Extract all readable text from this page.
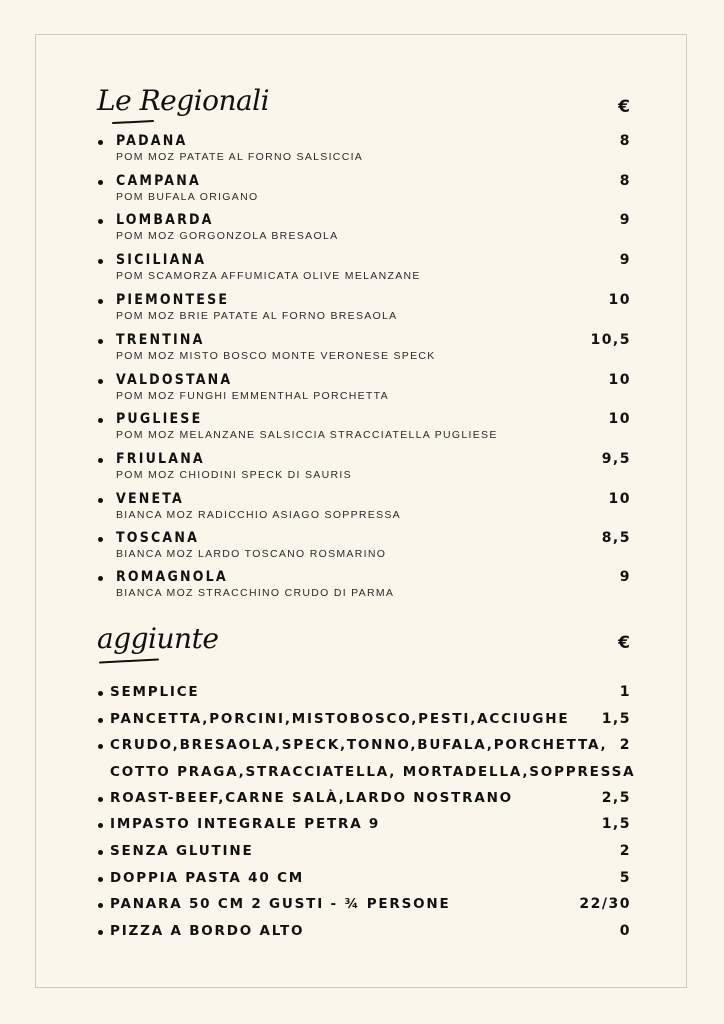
Le Regionali	€
PADANA
POM MOZ PATATE AL FORNO SALSICCIA
8
CAMPANA
POM BUFALA ORIGANO
8
LOMBARDA
POM MOZ GORGONZOLA BRESAOLA
9
SICILIANA
POM SCAMORZA AFFUMICATA OLIVE MELANZANE
9
PIEMONTESE
POM MOZ BRIE PATATE AL FORNO BRESAOLA
10
TRENTINA
POM MOZ MISTO BOSCO MONTE VERONESE SPECK
10,5
VALDOSTANA
POM MOZ FUNGHI EMMENTHAL PORCHETTA
10
PUGLIESE
POM MOZ MELANZANE SALSICCIA STRACCIATELLA PUGLIESE
10
FRIULANA
POM MOZ CHIODINI SPECK DI SAURIS
9,5
VENETA
BIANCA MOZ RADICCHIO ASIAGO SOPPRESSA
10
TOSCANA
BIANCA MOZ LARDO TOSCANO ROSMARINO
8,5
ROMAGNOLA
BIANCA MOZ STRACCHINO CRUDO DI PARMA
9
aggiunte	€
SEMPLICE	1
PANCETTA,PORCINI,MISTOBOSCO,PESTI,ACCIUGHE 1,5
CRUDO,BRESAOLA,SPECK,TONNO,BUFALA,PORCHETTA,
COTTO PRAGA,STRACCIATELLA, MORTADELLA,SOPPRESSA
2
ROAST-BEEF,CARNE SALÀ,LARDO NOSTRANO	2,5
IMPASTO INTEGRALE PETRA 9	1,5
SENZA GLUTINE	2
DOPPIA PASTA 40 CM	5
PANARA 50 CM 2 GUSTI - ¾ PERSONE	22/30
PIZZA A BORDO ALTO	0
